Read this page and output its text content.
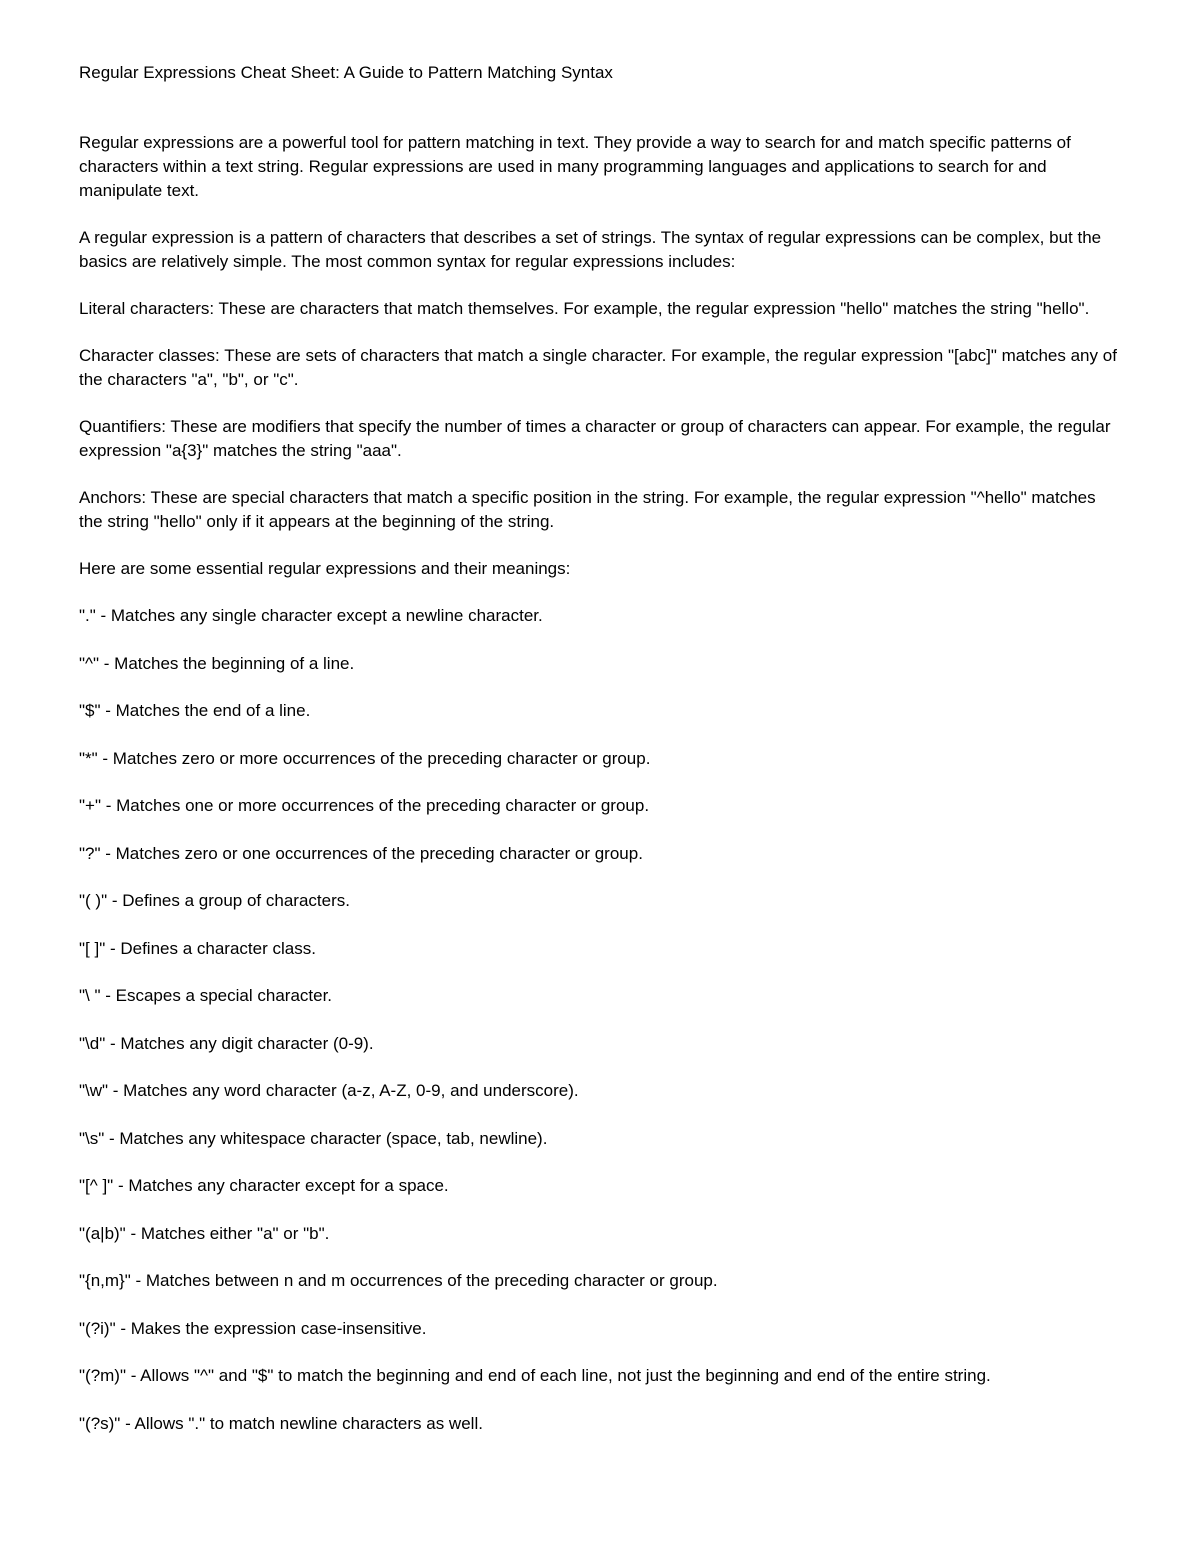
Regular Expressions Cheat Sheet: A Guide to Pattern Matching Syntax

Regular expressions are a powerful tool for pattern matching in text. They provide a way to search for and match specific patterns of characters within a text string. Regular expressions are used in many programming languages and applications to search for and manipulate text.

A regular expression is a pattern of characters that describes a set of strings. The syntax of regular expressions can be complex, but the basics are relatively simple. The most common syntax for regular expressions includes:

Literal characters: These are characters that match themselves. For example, the regular expression "hello" matches the string "hello".

Character classes: These are sets of characters that match a single character. For example, the regular expression "[abc]" matches any of the characters "a", "b", or "c".

Quantifiers: These are modifiers that specify the number of times a character or group of characters can appear. For example, the regular expression "a{3}" matches the string "aaa".

Anchors: These are special characters that match a specific position in the string. For example, the regular expression "^hello" matches the string "hello" only if it appears at the beginning of the string.

Here are some essential regular expressions and their meanings:

"." - Matches any single character except a newline character.

"^" - Matches the beginning of a line.

"$" - Matches the end of a line.

"*" - Matches zero or more occurrences of the preceding character or group.

"+" - Matches one or more occurrences of the preceding character or group.

"?" - Matches zero or one occurrences of the preceding character or group.

"( )" - Defines a group of characters.

"[ ]" - Defines a character class.

"\ " - Escapes a special character.

"\d" - Matches any digit character (0-9).

"\w" - Matches any word character (a-z, A-Z, 0-9, and underscore).

"\s" - Matches any whitespace character (space, tab, newline).

"[^ ]" - Matches any character except for a space.

"(a|b)" - Matches either "a" or "b".

"{n,m}" - Matches between n and m occurrences of the preceding character or group.

"(?i)" - Makes the expression case-insensitive.

"(?m)" - Allows "^" and "$" to match the beginning and end of each line, not just the beginning and end of the entire string.

"(?s)" - Allows "." to match newline characters as well.
